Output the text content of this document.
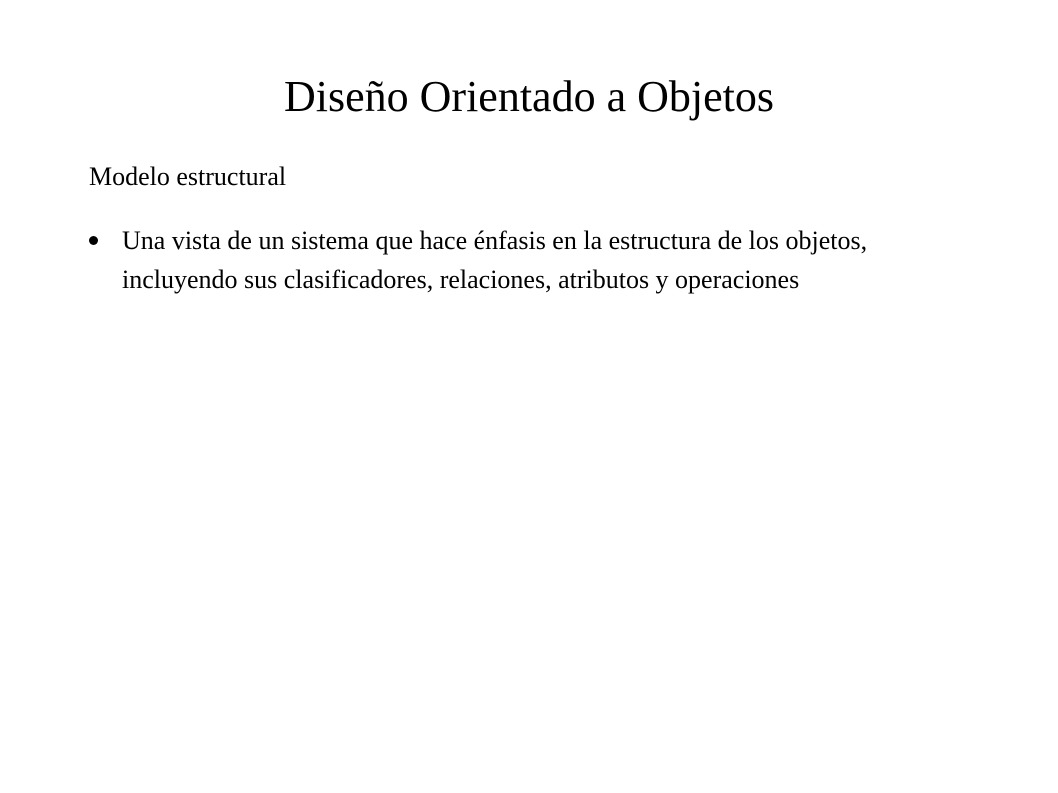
Diseño Orientado a Objetos
Modelo estructural
Una vista de un sistema que hace énfasis en la estructura de los objetos, incluyendo sus clasificadores, relaciones, atributos y operaciones
